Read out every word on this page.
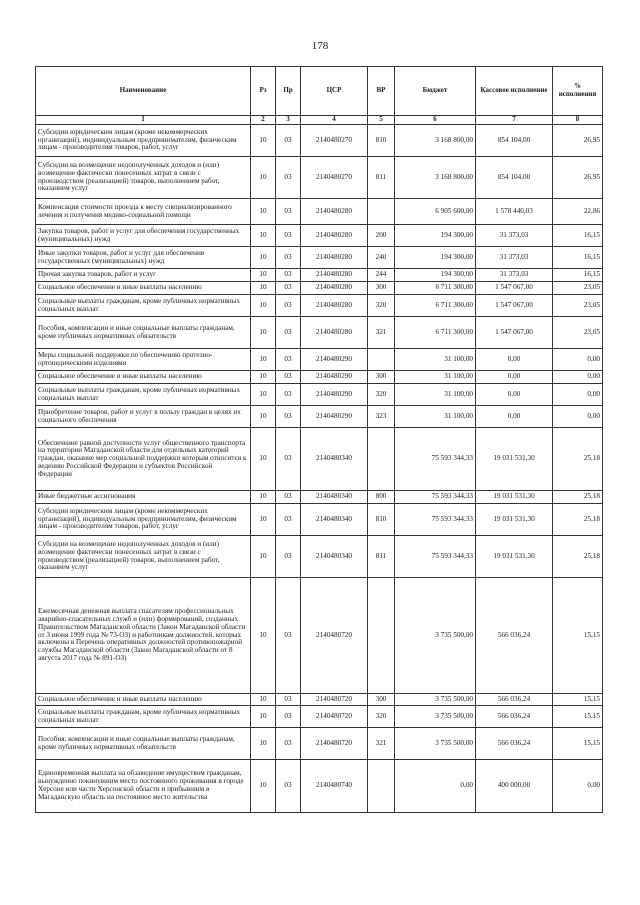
178
Наименование	Рз	Пр	ЦСР	ВР	Бюджет	Кассовое исполнение	% исполнения
1	2	3	4	5	6	7	8
Субсидии юридическим лицам (кроме некоммерческих организаций), индивидуальным предпринимателям, физическим лицам - производителям товаров, работ, услуг	10	03	2140480270	810	3 168 800,00	854 104,00	26,95
Субсидии на возмещение недополученных доходов и (или) возмещение фактически понесенных затрат в связи с производством (реализацией) товаров, выполнением работ, оказанием услуг	10	03	2140480270	811	3 168 800,00	854 104,00	26,95
Компенсация стоимости проезда к месту специализированного лечения и получения медико-социальной помощи	10	03	2140480280		6 905 600,00	1 578 440,03	22,86
Закупка товаров, работ и услуг для обеспечения государственных (муниципальных) нужд	10	03	2140480280	200	194 300,00	31 373,03	16,15
Иные закупки товаров, работ и услуг для обеспечения государственных (муниципальных) нужд	10	03	2140480280	240	194 300,00	31 373,03	16,15
Прочая закупка товаров, работ и услуг	10	03	2140480280	244	194 300,00	31 373,03	16,15
Социальное обеспечение и иные выплаты населению	10	03	2140480280	300	6 711 300,00	1 547 067,00	23,05
Социальные выплаты гражданам, кроме публичных нормативных социальных выплат	10	03	2140480280	320	6 711 300,00	1 547 067,00	23,05
Пособия, компенсации и иные социальные выплаты гражданам, кроме публичных нормативных обязательств	10	03	2140480280	321	6 711 300,00	1 547 067,00	23,05
Меры социальной поддержки по обеспечению протезно-ортопедическими изделиями	10	03	2140480290		31 100,00	0,00	0,00
Социальное обеспечение и иные выплаты населению	10	03	2140480290	300	31 100,00	0,00	0,00
Социальные выплаты гражданам, кроме публичных нормативных социальных выплат	10	03	2140480290	320	31 100,00	0,00	0,00
Приобретение товаров, работ и услуг в пользу граждан в целях их социального обеспечения	10	03	2140480290	323	31 100,00	0,00	0,00
Обеспечение равной доступности услуг общественного транспорта на территории Магаданской области для отдельных категорий граждан, оказание мер социальной поддержки которым относится к ведению Российской Федерации и субъектов Российской Федерации	10	03	2140480340		75 593 344,33	19 031 531,30	25,18
Иные бюджетные ассигнования	10	03	2140480340	800	75 593 344,33	19 031 531,30	25,18
Субсидии юридическим лицам (кроме некоммерческих организаций), индивидуальным предпринимателям, физическим лицам - производителям товаров, работ, услуг	10	03	2140480340	810	75 593 344,33	19 031 531,30	25,18
Субсидии на возмещение недополученных доходов и (или) возмещение фактически понесенных затрат в связи с производством (реализацией) товаров, выполнением работ, оказанием услуг	10	03	2140480340	811	75 593 344,33	19 031 531,30	25,18
Ежемесячная денежная выплата спасателям профессиональных аварийно-спасательных служб и (или) формирований, созданных Правительством Магаданской области (Закон Магаданской области от 3 июня 1999 года № 73-ОЗ) и работникам должностей, которых включены в Перечень оперативных должностей противопожарной службы Магаданской области (Закон Магаданской области от 8 августа 2017 года № 891-ОЗ)	10	03	2140480720		3 735 500,00	566 036,24	15,15
Социальное обеспечение и иные выплаты населению	10	03	2140480720	300	3 735 500,00	566 036,24	15,15
Социальные выплаты гражданам, кроме публичных нормативных социальных выплат	10	03	2140480720	320	3 735 500,00	566 036,24	15,15
Пособия, компенсации и иные социальные выплаты гражданам, кроме публичных нормативных обязательств	10	03	2140480720	321	3 735 500,00	566 036,24	15,15
Единовременная выплата на обзаведение имуществом гражданам, вынужденно покинувшим место постоянного проживания в городе Херсоне или части Херсонской области и прибывшим в Магаданскую область на постоянное место жительства	10	03	2140480740		0,00	400 000,00	0,00
